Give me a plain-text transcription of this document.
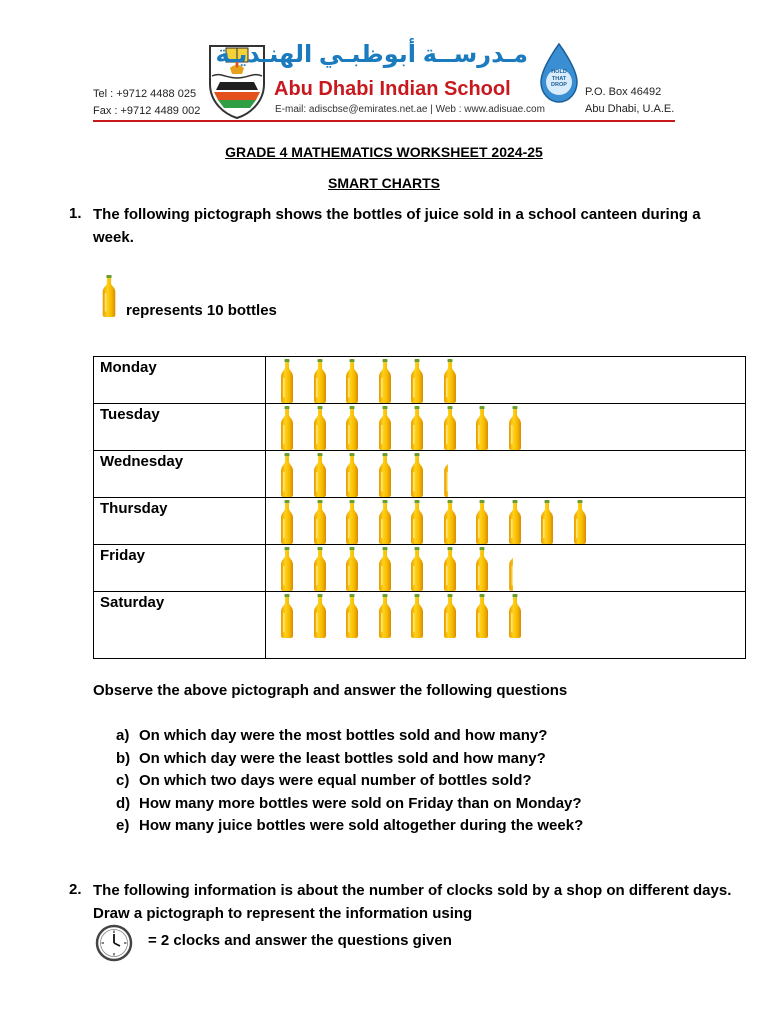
Tel : +9712 4488 025
Fax : +9712 4489 002
مـدرســة أبوظبـي الهنـديـة
Abu Dhabi Indian School
E-mail: adiscbse@emirates.net.ae | Web : www.adisuae.com
HOLD THAT DROP
P.O. Box 46492
Abu Dhabi, U.A.E.
GRADE 4 MATHEMATICS WORKSHEET 2024-25
SMART CHARTS
1. The following pictograph shows the bottles of juice sold in a school canteen during a week.
represents 10 bottles
Monday	

Tuesday	

Wednesday	

Thursday	

Friday	

Saturday	
Observe the above pictograph and answer the following questions
a) On which day were the most bottles sold and how many?
b) On which day were the least bottles sold and how many?
c) On which two days were equal number of bottles sold?
d) How many more bottles were sold on Friday than on Monday?
e) How many juice bottles were sold altogether during the week?
2. The following information is about the number of clocks sold by a shop on different days. Draw a pictograph to represent the information using
= 2 clocks and answer the questions given
